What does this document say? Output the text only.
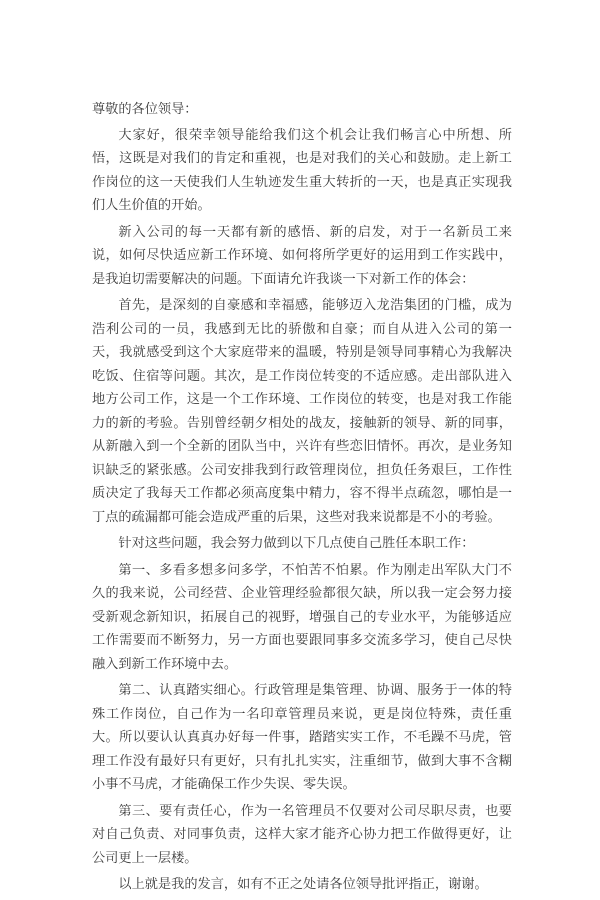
尊敬的各位领导：

大家好，很荣幸领导能给我们这个机会让我们畅言心中所想、所悟，这既是对我们的肯定和重视，也是对我们的关心和鼓励。走上新工作岗位的这一天使我们人生轨迹发生重大转折的一天，也是真正实现我们人生价值的开始。

新入公司的每一天都有新的感悟、新的启发，对于一名新员工来说，如何尽快适应新工作环境、如何将所学更好的运用到工作实践中，是我迫切需要解决的问题。下面请允许我谈一下对新工作的体会：

首先，是深刻的自豪感和幸福感，能够迈入龙浩集团的门槛，成为浩利公司的一员，我感到无比的骄傲和自豪；而自从进入公司的第一天，我就感受到这个大家庭带来的温暖，特别是领导同事精心为我解决吃饭、住宿等问题。其次，是工作岗位转变的不适应感。走出部队进入地方公司工作，这是一个工作环境、工作岗位的转变，也是对我工作能力的新的考验。告别曾经朝夕相处的战友，接触新的领导、新的同事，从新融入到一个全新的团队当中，兴许有些恋旧情怀。再次，是业务知识缺乏的紧张感。公司安排我到行政管理岗位，担负任务艰巨，工作性质决定了我每天工作都必须高度集中精力，容不得半点疏忽，哪怕是一丁点的疏漏都可能会造成严重的后果，这些对我来说都是不小的考验。

针对这些问题，我会努力做到以下几点使自己胜任本职工作：

第一、多看多想多问多学，不怕苦不怕累。作为刚走出军队大门不久的我来说，公司经营、企业管理经验都很欠缺，所以我一定会努力接受新观念新知识，拓展自己的视野，增强自己的专业水平，为能够适应工作需要而不断努力，另一方面也要跟同事多交流多学习，使自己尽快融入到新工作环境中去。

第二、认真踏实细心。行政管理是集管理、协调、服务于一体的特殊工作岗位，自己作为一名印章管理员来说，更是岗位特殊，责任重大。所以要认认真真办好每一件事，踏踏实实工作，不毛躁不马虎，管理工作没有最好只有更好，只有扎扎实实，注重细节，做到大事不含糊小事不马虎，才能确保工作少失误、零失误。

第三、要有责任心，作为一名管理员不仅要对公司尽职尽责，也要对自己负责、对同事负责，这样大家才能齐心协力把工作做得更好，让公司更上一层楼。

以上就是我的发言，如有不正之处请各位领导批评指正，谢谢。
